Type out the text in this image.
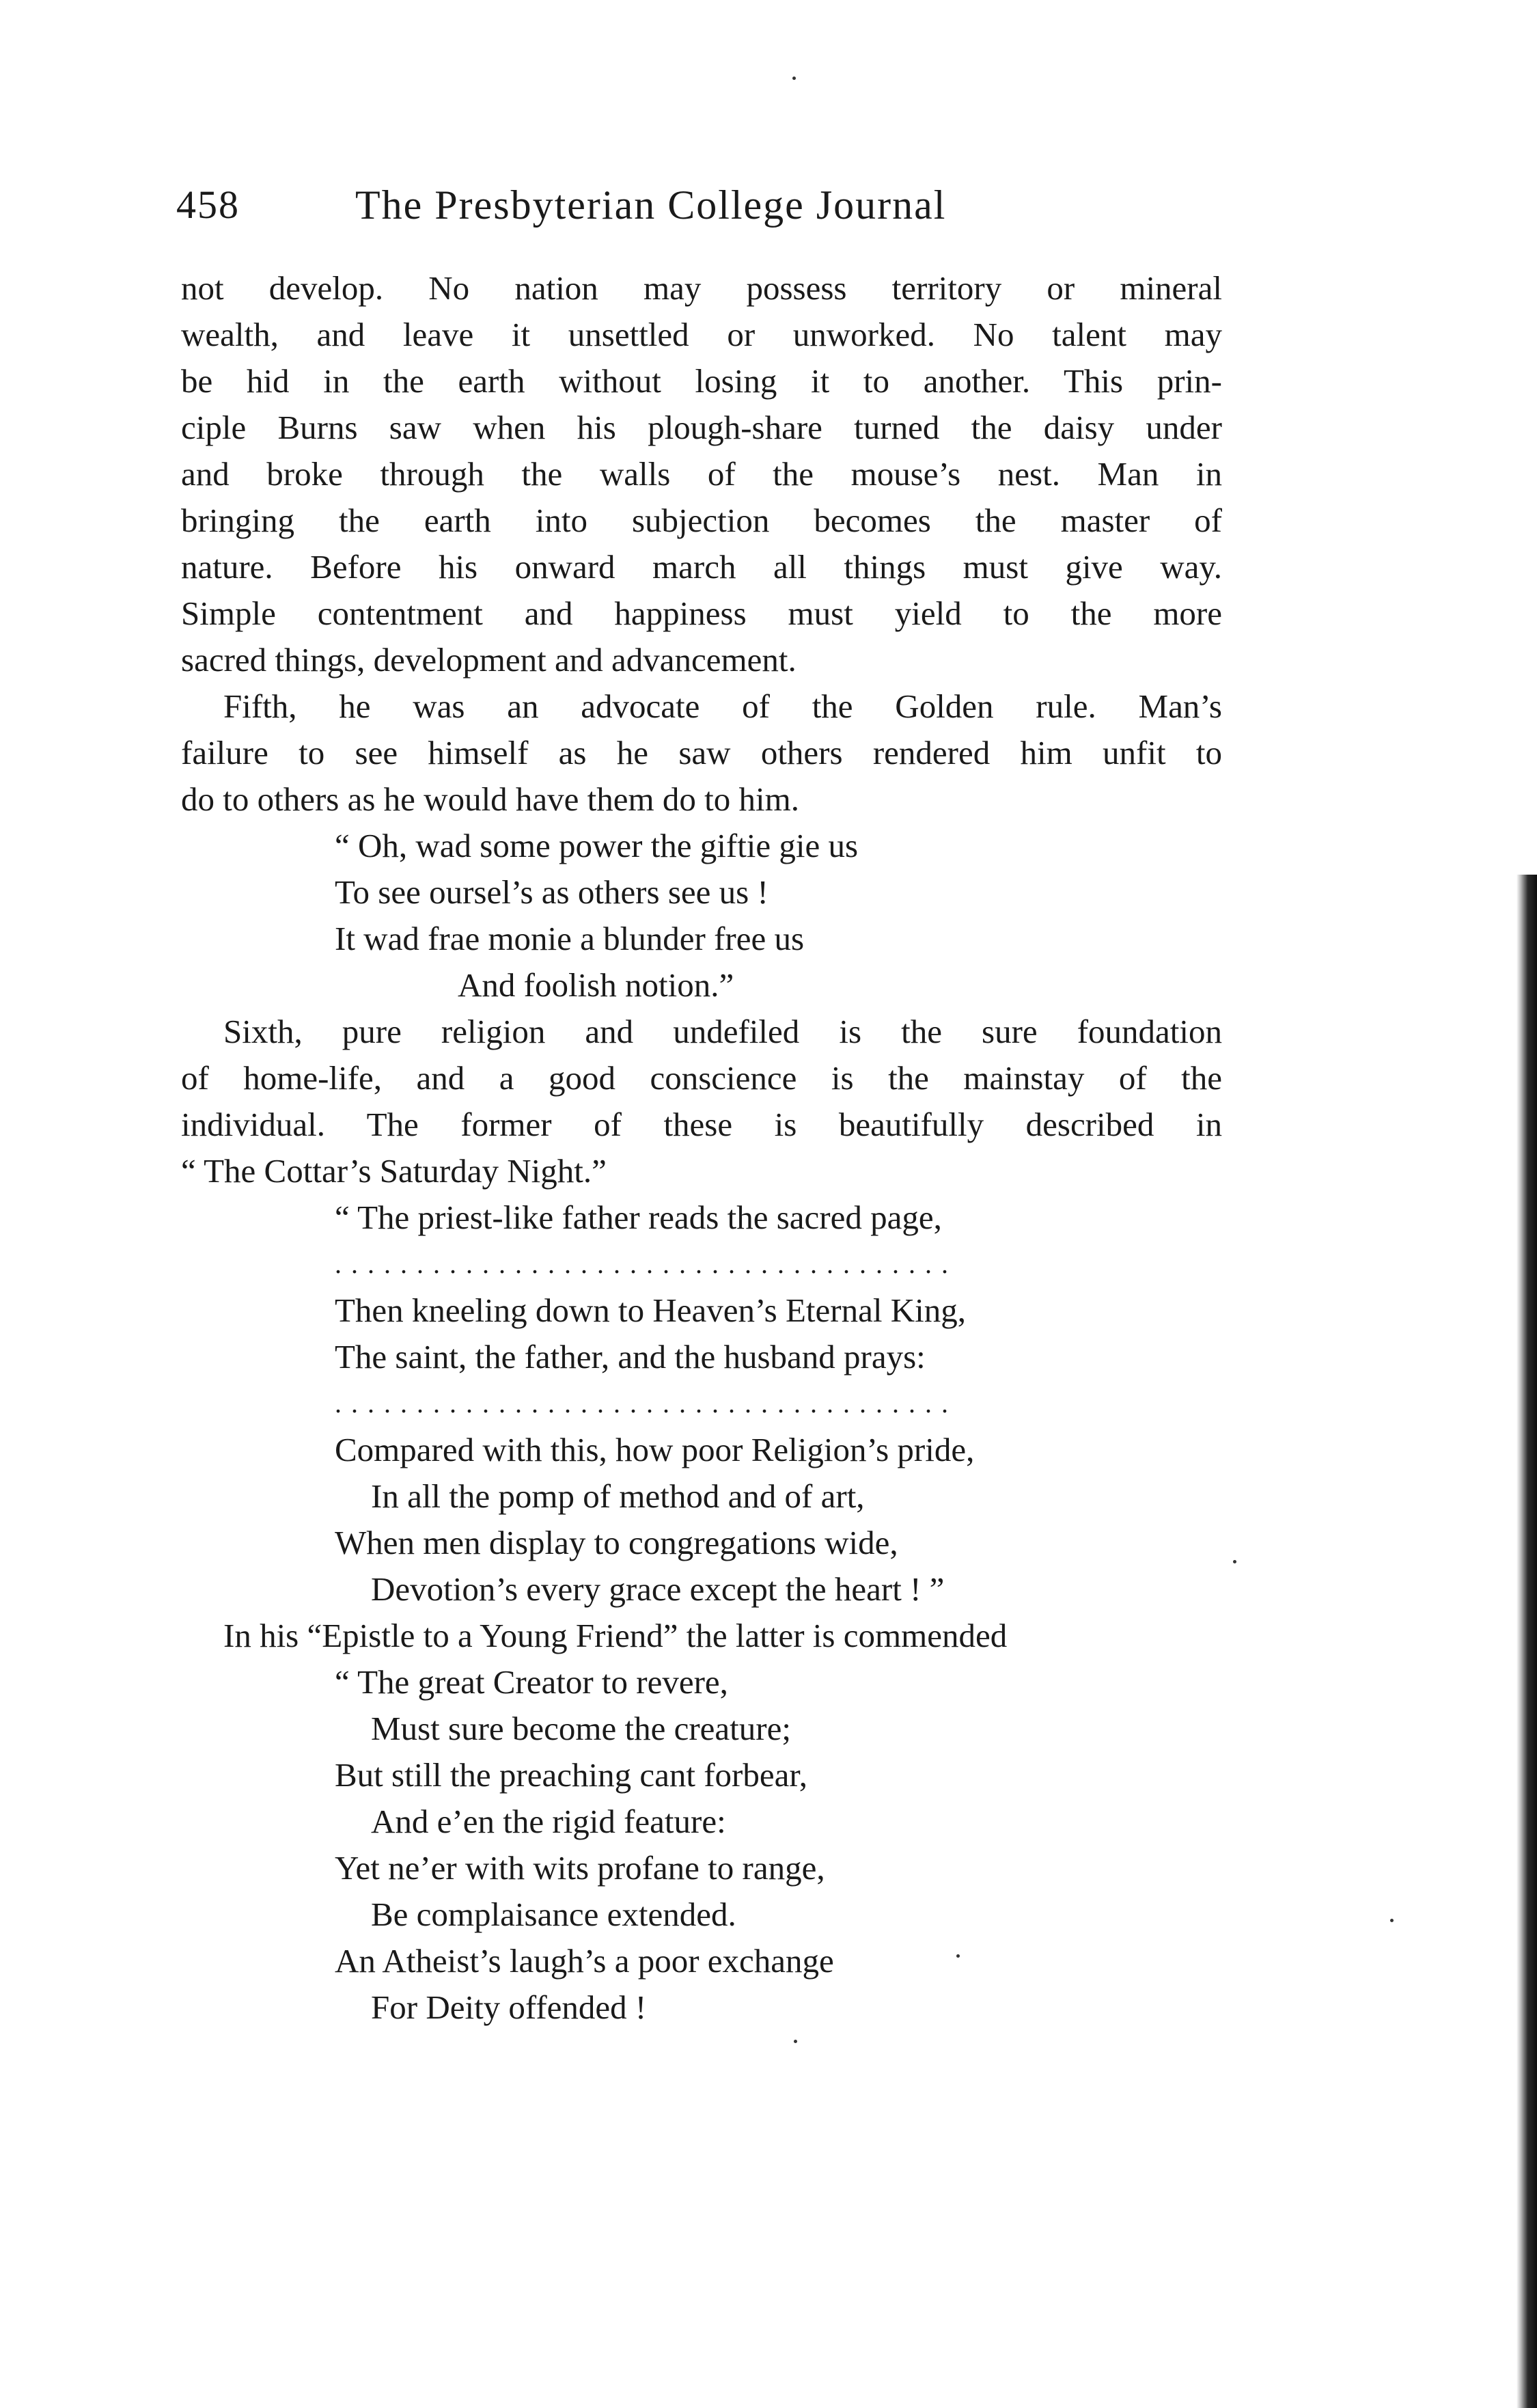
458	The Presbyterian College Journal
not develop. No nation may possess territory or mineral
wealth, and leave it unsettled or unworked. No talent may
be hid in the earth without losing it to another. This prin-
ciple Burns saw when his plough-share turned the daisy under
and broke through the walls of the mouse’s nest. Man in
bringing the earth into subjection becomes the master of
nature. Before his onward march all things must give way.
Simple contentment and happiness must yield to the more
sacred things, development and advancement.
Fifth, he was an advocate of the Golden rule. Man’s
failure to see himself as he saw others rendered him unfit to
do to others as he would have them do to him.
“ Oh, wad some power the giftie gie us
To see oursel’s as others see us !
It wad frae monie a blunder free us
And foolish notion.”
Sixth, pure religion and undefiled is the sure foundation
of home-life, and a good conscience is the mainstay of the
individual. The former of these is beautifully described in
“ The Cottar’s Saturday Night.”
“ The priest-like father reads the sacred page,
......................................
Then kneeling down to Heaven’s Eternal King,
The saint, the father, and the husband prays:
......................................
Compared with this, how poor Religion’s pride,
In all the pomp of method and of art,
When men display to congregations wide,
Devotion’s every grace except the heart ! ”
In his “Epistle to a Young Friend” the latter is commended
“ The great Creator to revere,
Must sure become the creature;
But still the preaching cant forbear,
And e’en the rigid feature:
Yet ne’er with wits profane to range,
Be complaisance extended.
An Atheist’s laugh’s a poor exchange
For Deity offended !
